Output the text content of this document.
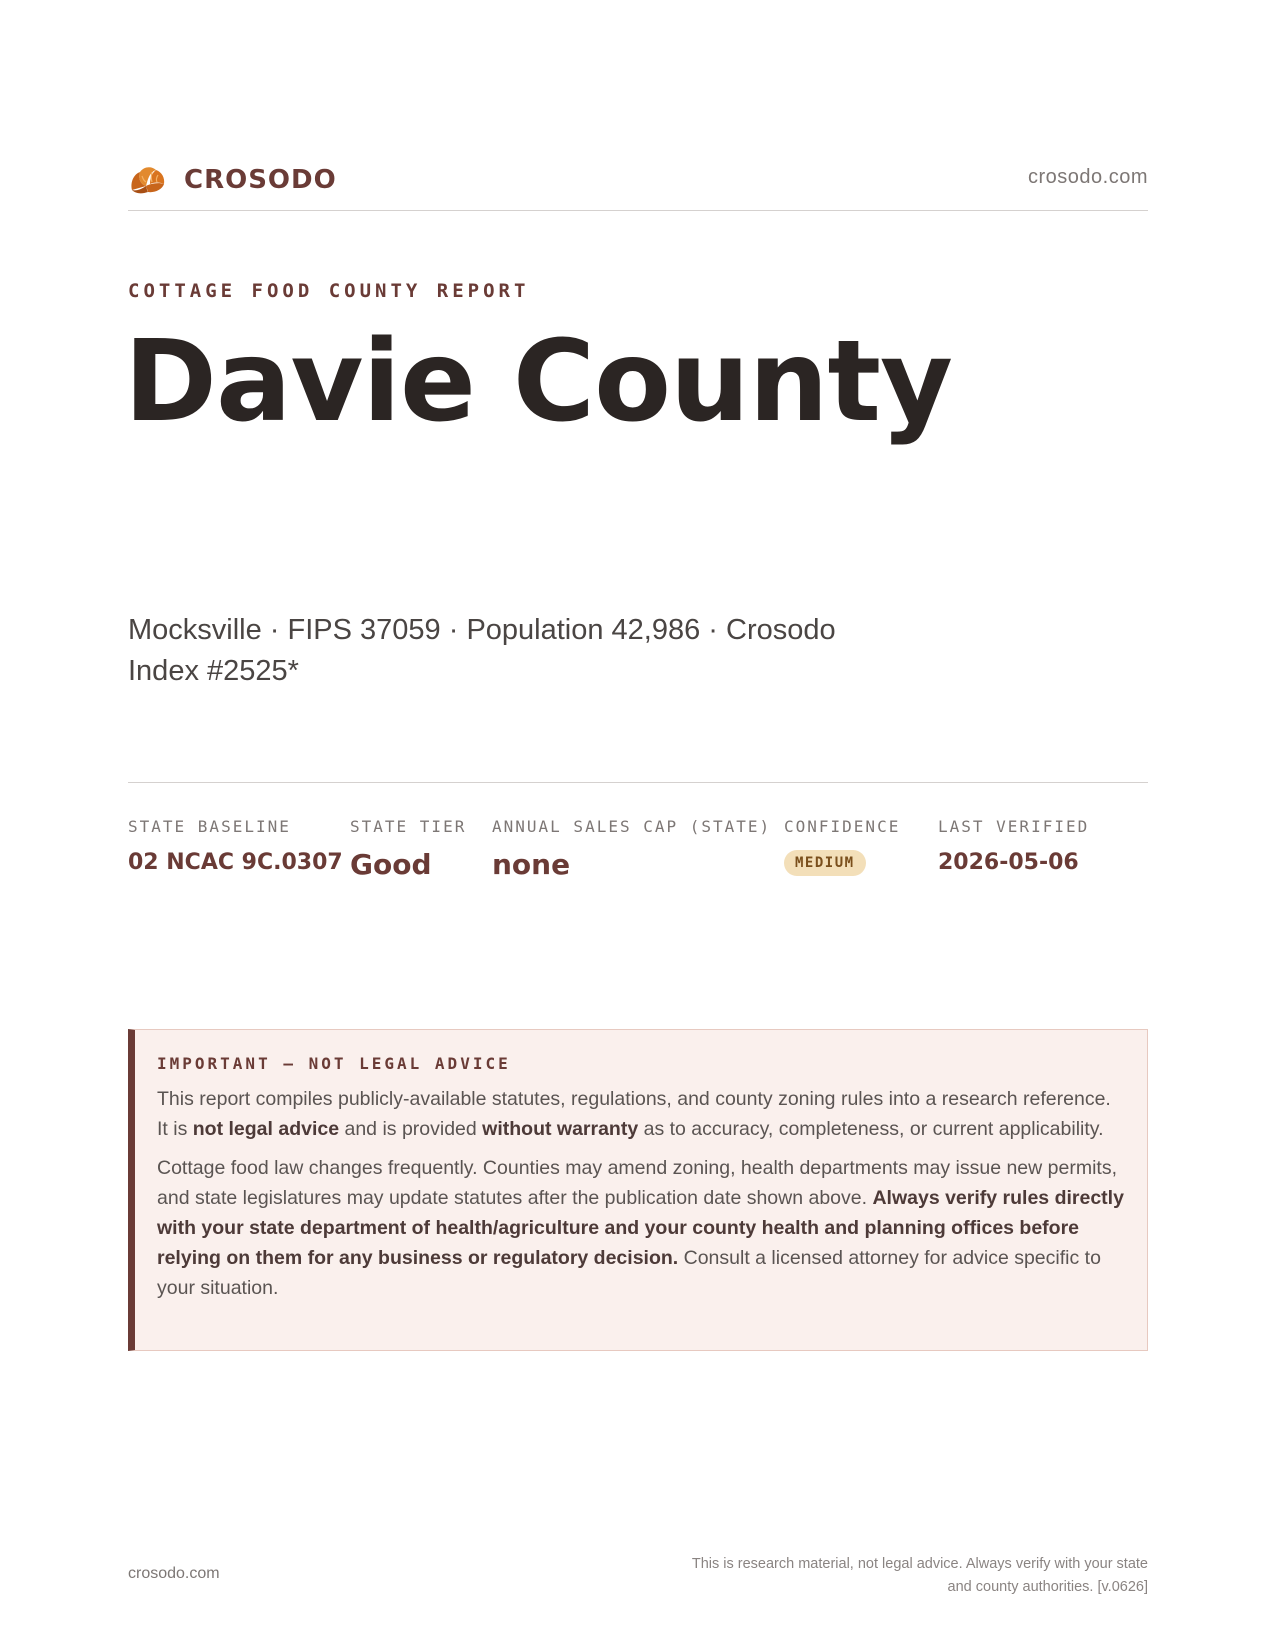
CROSODO	crosodo.com
COTTAGE FOOD COUNTY REPORT
Davie County
Mocksville · FIPS 37059 · Population 42,986 · Crosodo Index #2525*
STATE BASELINE
02 NCAC 9C.0307
STATE TIER
Good
ANNUAL SALES CAP (STATE)
none
CONFIDENCE
MEDIUM
LAST VERIFIED
2026-05-06
IMPORTANT — NOT LEGAL ADVICE

This report compiles publicly-available statutes, regulations, and county zoning rules into a research reference. It is not legal advice and is provided without warranty as to accuracy, completeness, or current applicability.

Cottage food law changes frequently. Counties may amend zoning, health departments may issue new permits, and state legislatures may update statutes after the publication date shown above. Always verify rules directly with your state department of health/agriculture and your county health and planning offices before relying on them for any business or regulatory decision. Consult a licensed attorney for advice specific to your situation.

crosodo.com
This is research material, not legal advice. Always verify with your state
and county authorities. [v.0626]
